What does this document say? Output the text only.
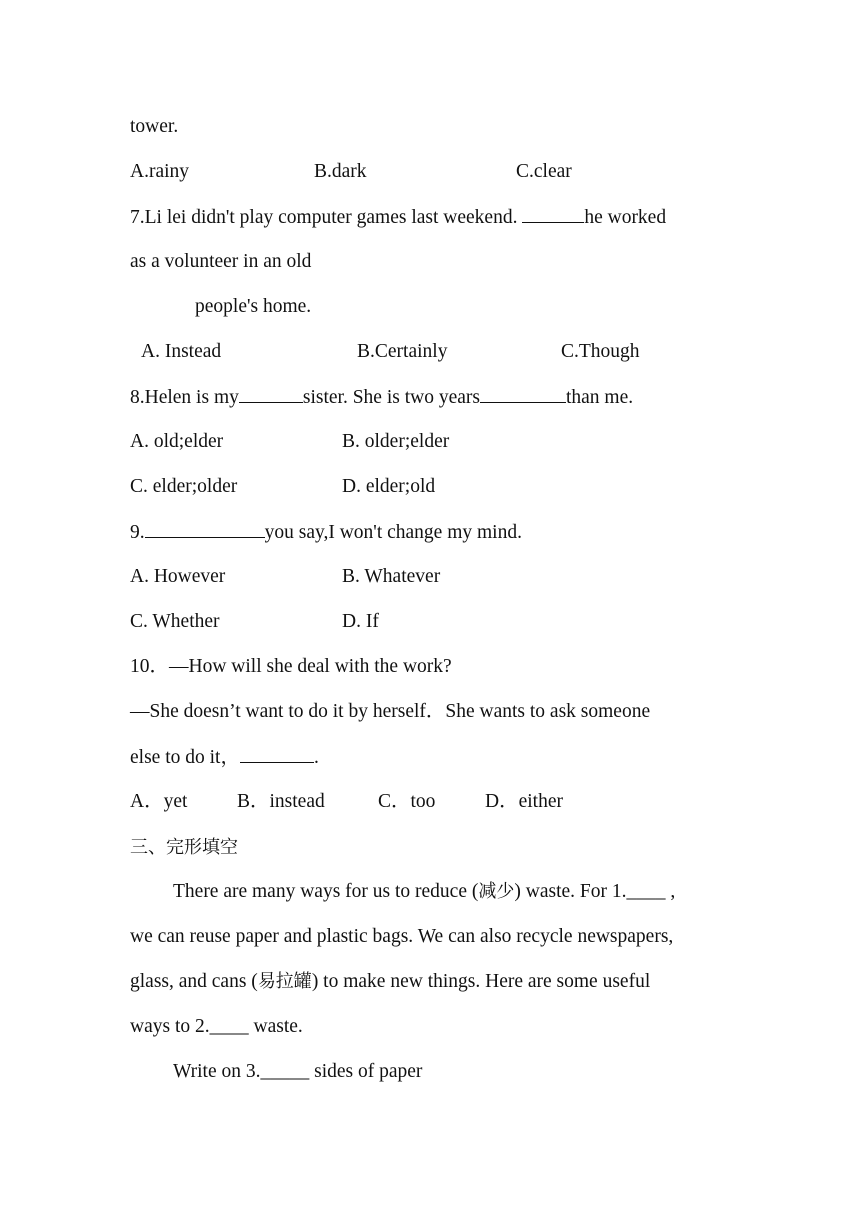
tower.
A.rainy	B.dark	C.clear
7.Li lei didn't play computer games last weekend.	he worked
as a volunteer in an old
people's home.
A. Instead	B.Certainly	C.Though
8.Helen is my	sister. She is two years	than me.
A. old;elder	B. older;elder
C. elder;older	D. elder;old
9.	you say,I won't change my mind.
A. However	B. Whatever
C. Whether	D. If
10．—How will she deal with the work?
—She doesn’t want to do it by herself．She wants to ask someone
else to do it，	.
A．yet	B．instead	C．too	D．either
三、完形填空
There are many ways for us to reduce (减少) waste. For 1.____ ,
we can reuse paper and plastic bags. We can also recycle newspapers,
glass, and cans (易拉罐) to make new things. Here are some useful
ways to 2.____ waste.
Write on 3._____ sides of paper
